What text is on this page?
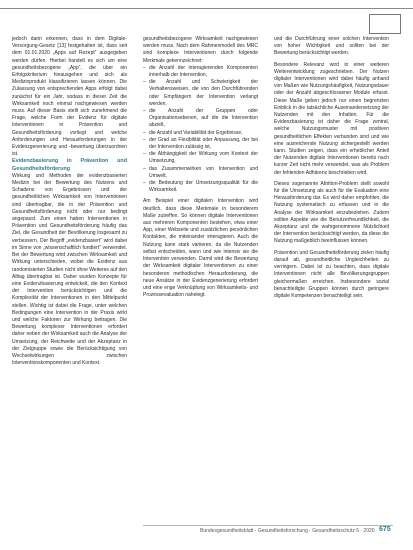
jedoch darin erkennen, dass in dem Digitale-Versorgung-Gesetz [13] festgehalten ist, dass seit dem 01.01.2020 „Apps auf Rezept“ ausgegeben werden dürfen. Hierbei handelt es sich um eine gesundheitsbezogene „App“, die über ein Erfolgskriterium hinausgehen und sich als Medizinprodukt klassifizieren lassen können. Die Zulassung von entsprechenden Apps erfolgt dabei zunächst für ein Jahr, sodass in dieser Zeit die Wirksamkeit noch einmal nachgewiesen werden muss. Auf dieser Basis stellt sich zunehmend die Frage, welche Form der Evidenz für digitale Interventionen in Prävention und Gesundheitsförderung vorliegt und welche Anforderungen und Herausforderungen in der Evidenzgenerierung und -bewertung überzuordnen ist.

Evidenzbasierung in Prävention und Gesundheitsförderung

Wirkung und Methoden der evidenzbasierten Medizin bei der Bewertung des Nutzens und Schadens von Ergebnissen und der gesundheitlichen Wirksamkeit von Interventionen sind übertragbar, die in der Prävention und Gesundheitsförderung nicht oder nur bedingt angepasst. Zum einen haben Interventionen in Prävention und Gesundheitsförderung häufig das Ziel, die Gesundheit der Bevölkerung insgesamt zu verbessern. Der Begriff „evidenzbasiert“ wird dabei im Sinne von „wissenschaftlich fundiert“ verwendet. Bei der Bewertung wird zwischen Wirksamkeit und Wirkung unterschieden, wobei die Evidenz aus randomisierten Studien nicht ohne Weiteres auf den Alltag übertragbar ist. Daher wurden Konzepte für eine Evidenzbasierung entwickelt, die den Kontext der Intervention berücksichtigen und die Komplexität der Interventionen in den Mittelpunkt stellen. Wichtig ist dabei die Frage, unter welchen Bedingungen eine Intervention in der Praxis wirkt und welche Faktoren zur Wirkung beitragen. Die Bewertung komplexer Interventionen erfordert daher neben der Wirksamkeit auch die Analyse der Umsetzung, der Reichweite und der Akzeptanz in der Zielgruppe sowie die Berücksichtigung von Wechselwirkungen zwischen Interventionskomponenten und Kontext.

gesundheitsbezogene Wirksamkeit nachgewiesen werden muss. Nach dem Rahmenmodell des MRC sind komplexe Interventionen durch folgende Merkmale gekennzeichnet:

– die Anzahl der interagierenden Komponenten innerhalb der Intervention,
– die Anzahl und Schwierigkeit der Verhaltensweisen, die von den Durchführenden oder Empfängern der Intervention verlangt werden,
– die Anzahl der Gruppen oder Organisationsebenen, auf die die Intervention abzielt,
– die Anzahl und Variabilität der Ergebnisse,
– der Grad an Flexibilität oder Anpassung, der bei der Intervention zulässig ist,
– die Abhängigkeit der Wirkung vom Kontext der Umsetzung,
– das Zusammenwirken von Intervention und Umwelt,
– die Bedeutung der Umsetzungsqualität für die Wirksamkeit.

Am Beispiel einer digitalen Intervention wird deutlich, dass diese Merkmale in besonderem Maße zutreffen. So können digitale Interventionen aus mehreren Komponenten bestehen, etwa einer App, einer Webseite und zusätzlichen persönlichen Kontakten, die miteinander interagieren. Auch die Nutzung kann stark variieren, da die Nutzenden selbst entscheiden, wann und wie intensiv sie die Intervention verwenden. Damit wird die Bewertung der Wirksamkeit digitaler Interventionen zu einer besonderen methodischen Herausforderung, die neue Ansätze in der Evidenzgenerierung erfordert und eine enge Verknüpfung von Wirksamkeits- und Prozessevaluation nahelegt.

und die Durchführung einer solchen Intervention von hoher Wichtigkeit und sollten bei der Bewertung berücksichtigt werden.

Besondere Relevanz wird in einer weiteren Weiterentwicklung zugeschrieben. Der Nutzen digitaler Interventionen wird dabei häufig anhand von Maßen wie Nutzungshäufigkeit, Nutzungsdauer oder der Anzahl abgeschlossener Module erfasst. Diese Maße geben jedoch nur einen begrenzten Einblick in die tatsächliche Auseinandersetzung der Nutzenden mit den Inhalten. Für die Evidenzbasierung ist daher die Frage zentral, welche Nutzungsmuster mit positiven gesundheitlichen Effekten verbunden sind und wie eine ausreichende Nutzung sichergestellt werden kann. Studien zeigen, dass ein erheblicher Anteil der Nutzenden digitale Interventionen bereits nach kurzer Zeit nicht mehr verwendet, was als Problem der fehlenden Adhärenz beschrieben wird.

Dieses sogenannte Attrition-Problem stellt sowohl für die Umsetzung als auch für die Evaluation eine Herausforderung dar. Es wird daher empfohlen, die Nutzung systematisch zu erfassen und in die Analyse der Wirksamkeit einzubeziehen. Zudem sollten Aspekte wie die Benutzerfreundlichkeit, die Akzeptanz und die wahrgenommene Nützlichkeit der Intervention berücksichtigt werden, da diese die Nutzung maßgeblich beeinflussen können.

Prävention und Gesundheitsförderung zielen häufig darauf ab, gesundheitliche Ungleichheiten zu verringern. Dabei ist zu beachten, dass digitale Interventionen nicht alle Bevölkerungsgruppen gleichermaßen erreichen. Insbesondere sozial benachteiligte Gruppen können durch geringere digitale Kompetenzen benachteiligt sein.

Bundesgesundheitsblatt - Gesundheitsforschung - Gesundheitsschutz 6 · 2020 675
